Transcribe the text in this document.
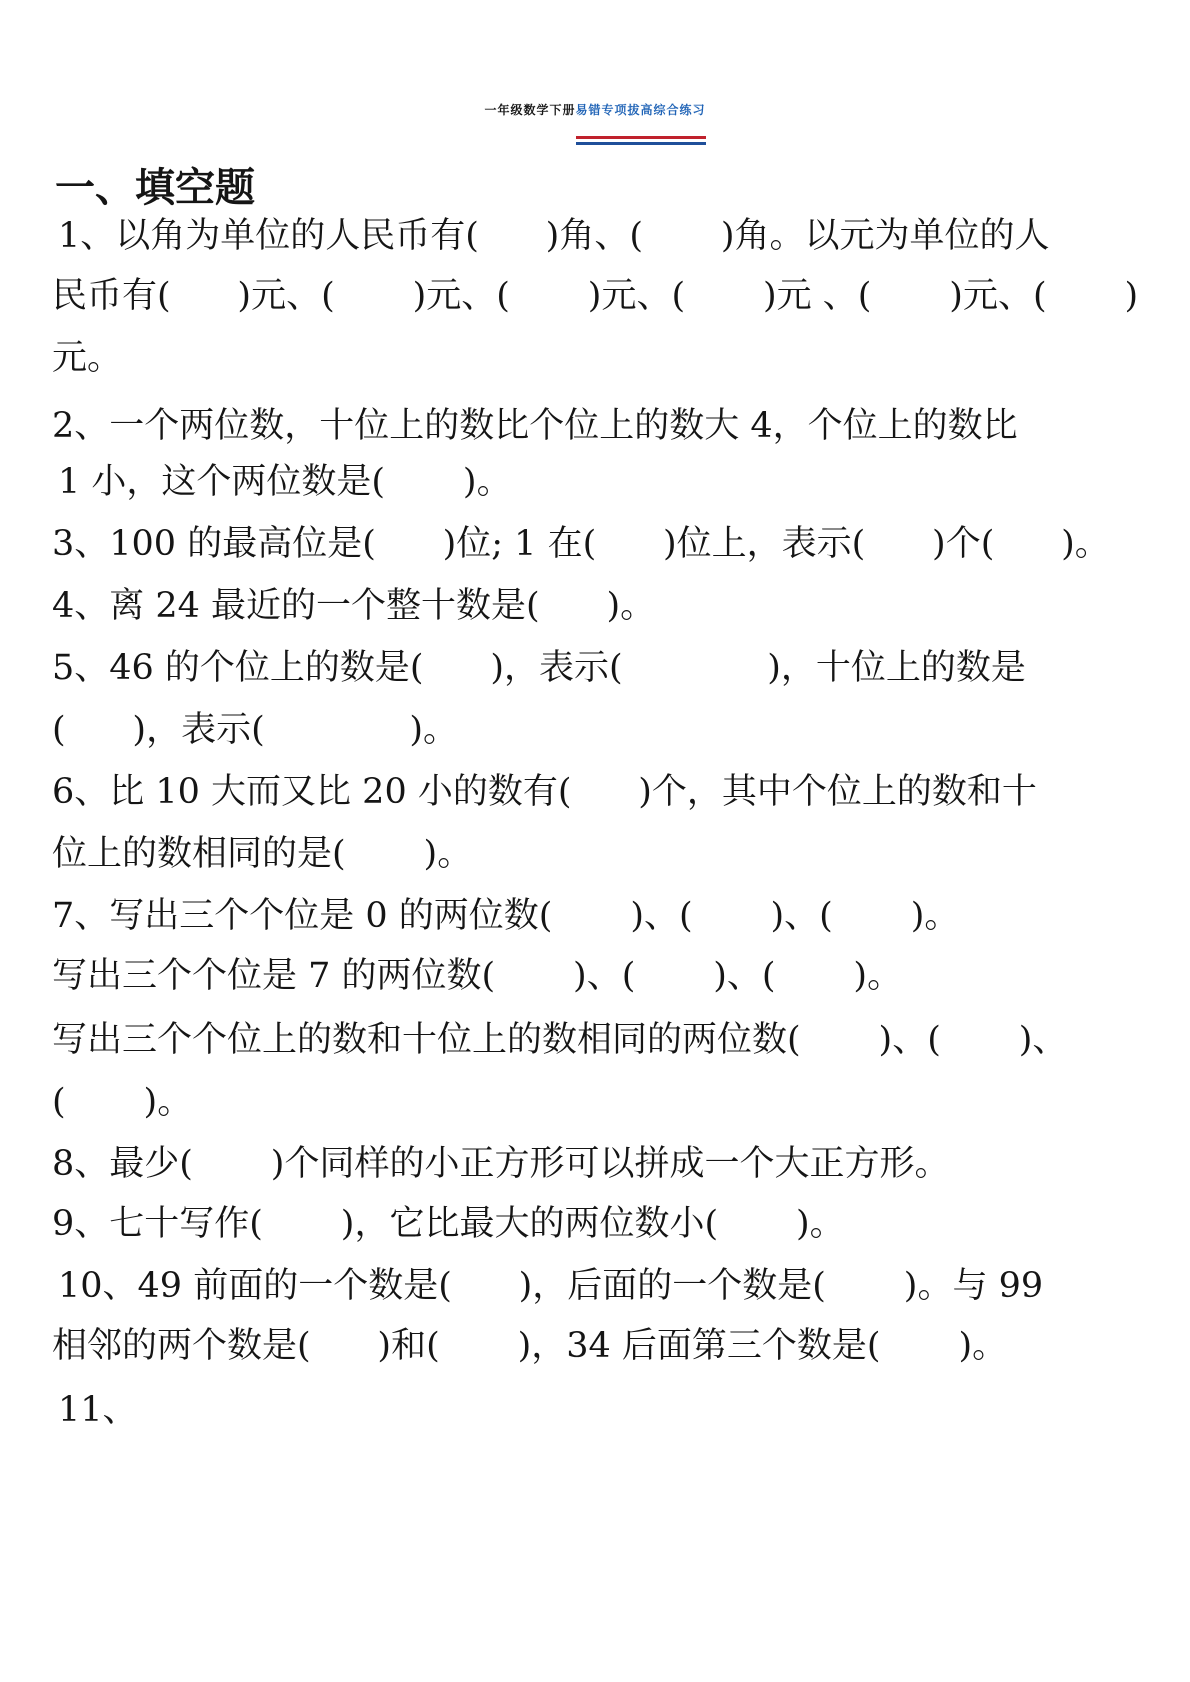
一年级数学下册易错专项拔高综合练习
一、填空题
1、以角为单位的人民币有(      )角、(       )角。以元为单位的人
民币有(      )元、(       )元、(       )元、(       )元 、(       )元、(       )
元。
2、一个两位数，十位上的数比个位上的数大 4，个位上的数比
1 小，这个两位数是(       )。
3、100 的最高位是(      )位; 1 在(      )位上，表示(      )个(      )。
4、离 24 最近的一个整十数是(      )。
5、46 的个位上的数是(      )，表示(             )，十位上的数是
(      )，表示(             )。
6、比 10 大而又比 20 小的数有(      )个，其中个位上的数和十
位上的数相同的是(       )。
7、写出三个个位是 0 的两位数(       )、(       )、(       )。
写出三个个位是 7 的两位数(       )、(       )、(       )。
写出三个个位上的数和十位上的数相同的两位数(       )、(       )、
(       )。
8、最少(       )个同样的小正方形可以拼成一个大正方形。
9、七十写作(       )，它比最大的两位数小(       )。
10、49 前面的一个数是(      )，后面的一个数是(       )。与 99
相邻的两个数是(      )和(       )，34 后面第三个数是(       )。
11、
